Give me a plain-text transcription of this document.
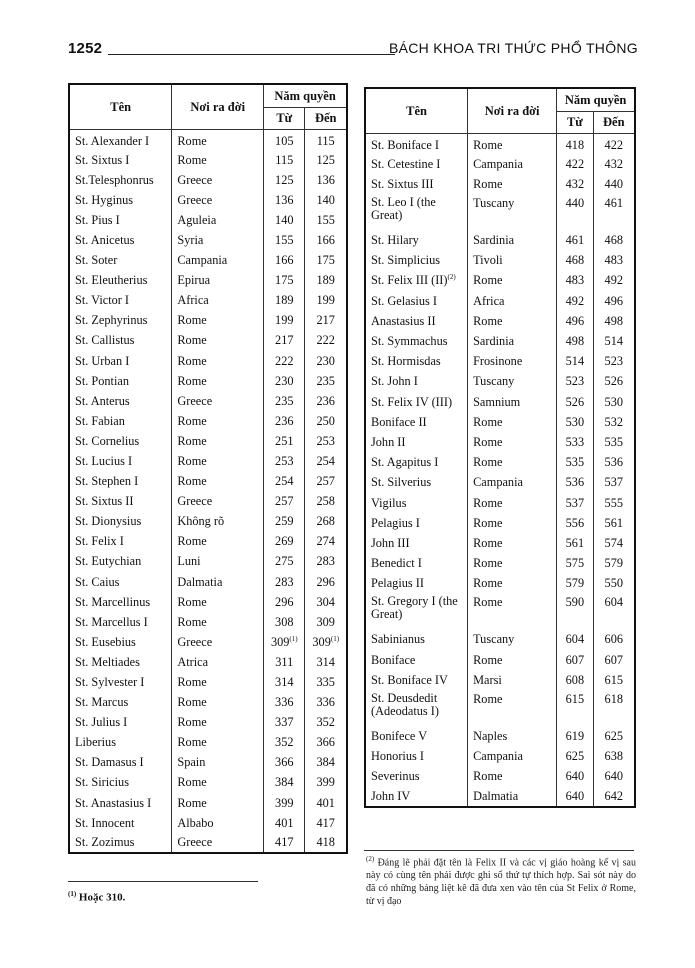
1252	BÁCH KHOA TRI THỨC PHỔ THÔNG
Tên	Nơi ra đời	Năm quyền	
		Từ	Đến
St. Alexander I	Rome	105	115
St. Sixtus I	Rome	115	125
St.Telesphonrus	Greece	125	136
St. Hyginus	Greece	136	140
St. Pius I	Aguleia	140	155
St. Anicetus	Syria	155	166
St. Soter	Campania	166	175
St. Eleutherius	Epirua	175	189
St. Victor I	Africa	189	199
St. Zephyrinus	Rome	199	217
St. Callistus	Rome	217	222
St. Urban I	Rome	222	230
St. Pontian	Rome	230	235
St. Anterus	Greece	235	236
St. Fabian	Rome	236	250
St. Cornelius	Rome	251	253
St. Lucius I	Rome	253	254
St. Stephen I	Rome	254	257
St. Sixtus II	Greece	257	258
St. Dionysius	Không rõ	259	268
St. Felix I	Rome	269	274
St. Eutychian	Luni	275	283
St. Caius	Dalmatia	283	296
St. Marcellinus	Rome	296	304
St. Marcellus I	Rome	308	309
St. Eusebius	Greece	309$^{(1)}$	309$^{(1)}$
St. Meltiades	Atrica	311	314
St. Sylvester I	Rome	314	335
St. Marcus	Rome	336	336
St. Julius I	Rome	337	352
Liberius	Rome	352	366
St. Damasus I	Spain	366	384
St. Siricius	Rome	384	399
St. Anastasius I	Rome	399	401
St. Innocent	Albabo	401	417
St. Zozimus	Greece	417	418
Tên	Nơi ra đời	Năm quyền	
		Từ	Đến
St. Boniface I	Rome	418	422
St. Cetestine I	Campania	422	432
St. Sixtus III	Rome	432	440
St. Leo I (the Great)	Tuscany	440	461
St. Hilary	Sardinia	461	468
St. Simplicius	Tivoli	468	483
St. Felix III (II)$^{(2)}$	Rome	483	492
St. Gelasius I	Africa	492	496
Anastasius II	Rome	496	498
St. Symmachus	Sardinia	498	514
St. Hormisdas	Frosinone	514	523
St. John I	Tuscany	523	526
St. Felix IV (III)	Samnium	526	530
Boniface II	Rome	530	532
John II	Rome	533	535
St. Agapitus I	Rome	535	536
St. Silverius	Campania	536	537
Vigilus	Rome	537	555
Pelagius I	Rome	556	561
John III	Rome	561	574
Benedict I	Rome	575	579
Pelagius II	Rome	579	550
St. Gregory I (the Great)	Rome	590	604
Sabinianus	Tuscany	604	606
Boniface	Rome	607	607
St. Boniface IV	Marsi	608	615
St. Deusdedit (Adeodatus I)	Rome	615	618
Bonifece V	Naples	619	625
Honorius I	Campania	625	638
Severinus	Rome	640	640
John IV	Dalmatia	640	642
$^{(1)}$ Hoặc 310.
$^{(2)}$ Đáng lẽ phải đặt tên là Felix II và các vị giáo hoàng kế vị sau này có cùng tên phải được ghi số thứ tự thích hợp. Sai sót này do đã có những bảng liệt kê đã đưa xen vào tên của St Felix ở Rome, từ vị đạo
